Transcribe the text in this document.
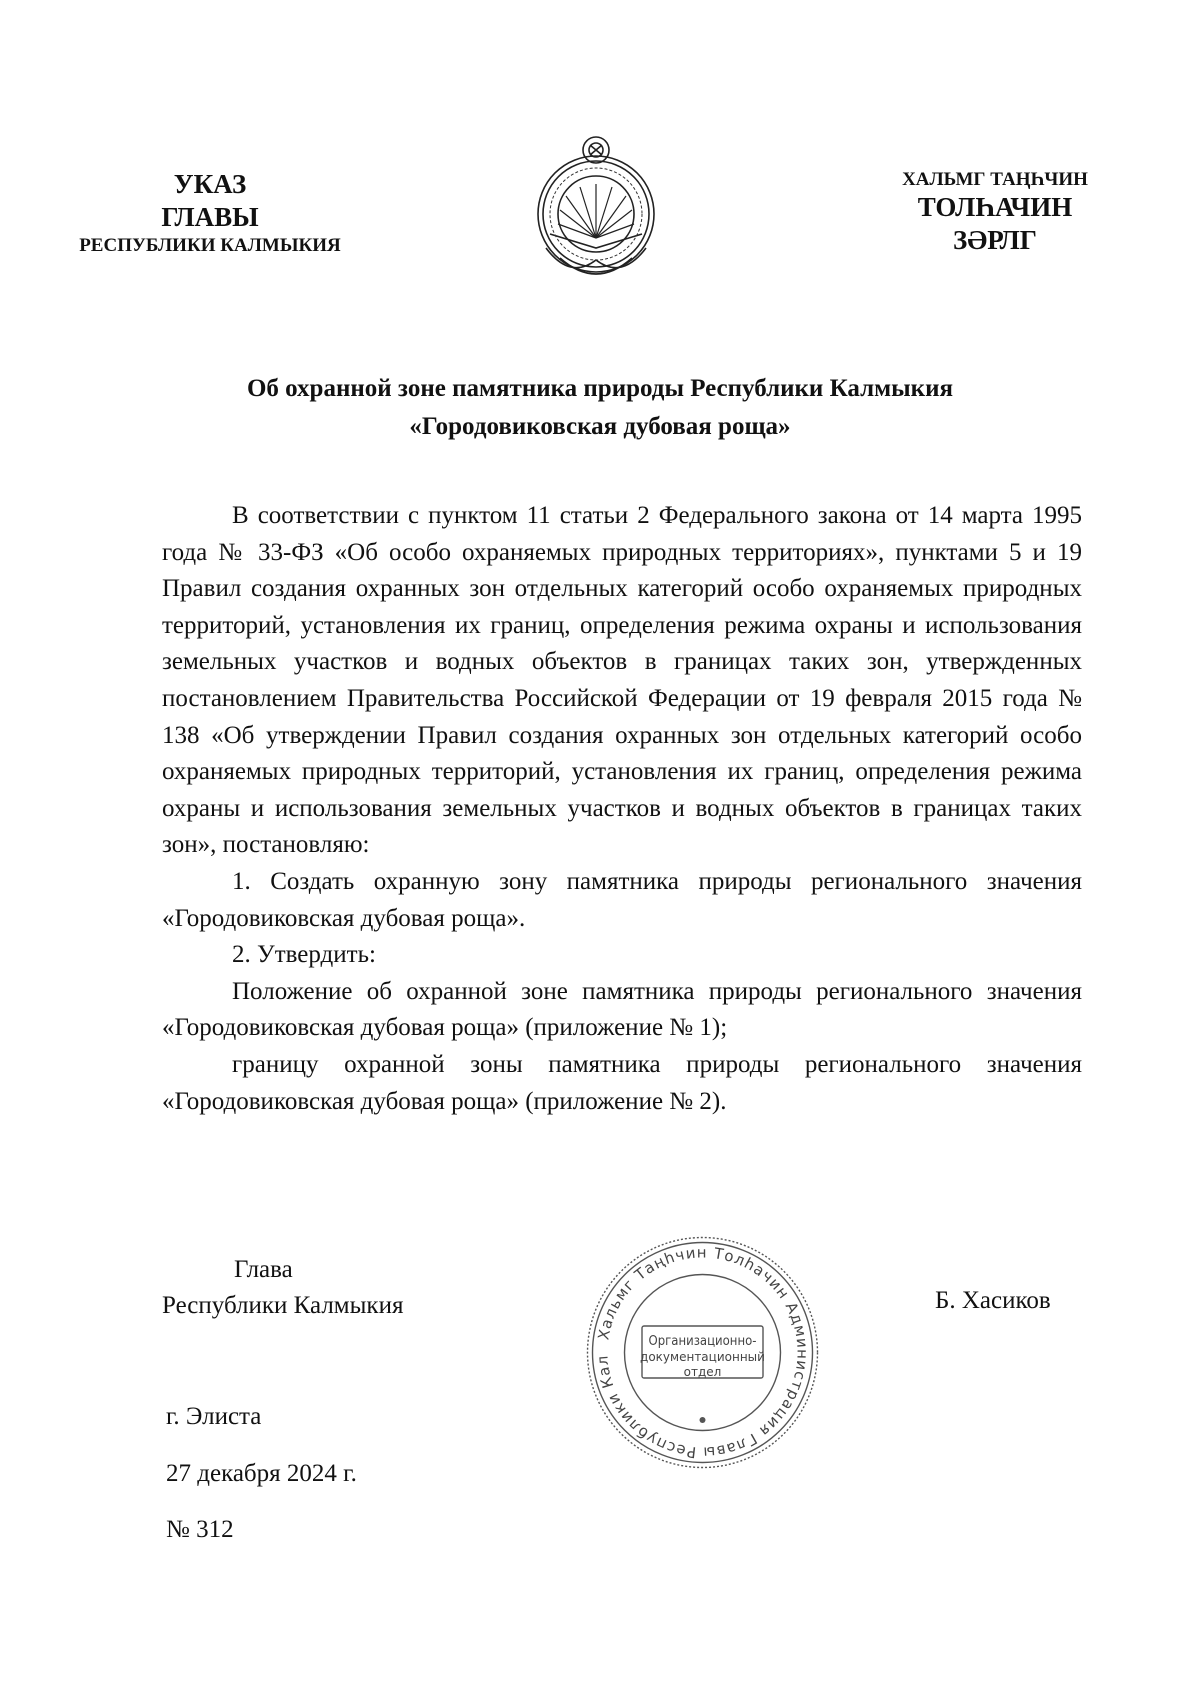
УКАЗ
ГЛАВЫ
РЕСПУБЛИКИ КАЛМЫКИЯ
ХАЛЬМГ ТАҢҺЧИН
ТОЛҺАЧИН
ЗӘРЛГ
Об охранной зоне памятника природы Республики Калмыкия
«Городовиковская дубовая роща»

В соответствии с пунктом 11 статьи 2 Федерального закона от 14 марта 1995 года № 33-ФЗ «Об особо охраняемых природных территориях», пунктами 5 и 19 Правил создания охранных зон отдельных категорий особо охраняемых природных территорий, установления их границ, определения режима охраны и использования земельных участков и водных объектов в границах таких зон, утвержденных постановлением Правительства Российской Федерации от 19 февраля 2015 года № 138 «Об утверждении Правил создания охранных зон отдельных категорий особо охраняемых природных территорий, установления их границ, определения режима охраны и использования земельных участков и водных объектов в границах таких зон», постановляю:

1. Создать охранную зону памятника природы регионального значения «Городовиковская дубовая роща».

2. Утвердить:

Положение об охранной зоне памятника природы регионального значения «Городовиковская дубовая роща» (приложение № 1);

границу охранной зоны памятника природы регионального значения «Городовиковская дубовая роща» (приложение № 2).

Глава
Республики Калмыкия
Хальмг Таңһчин Толһачин Администрация Главы Республики Кал
Организационно-
документационный
отдел
Б. Хасиков
г. Элиста
27 декабря 2024 г.
№ 312
